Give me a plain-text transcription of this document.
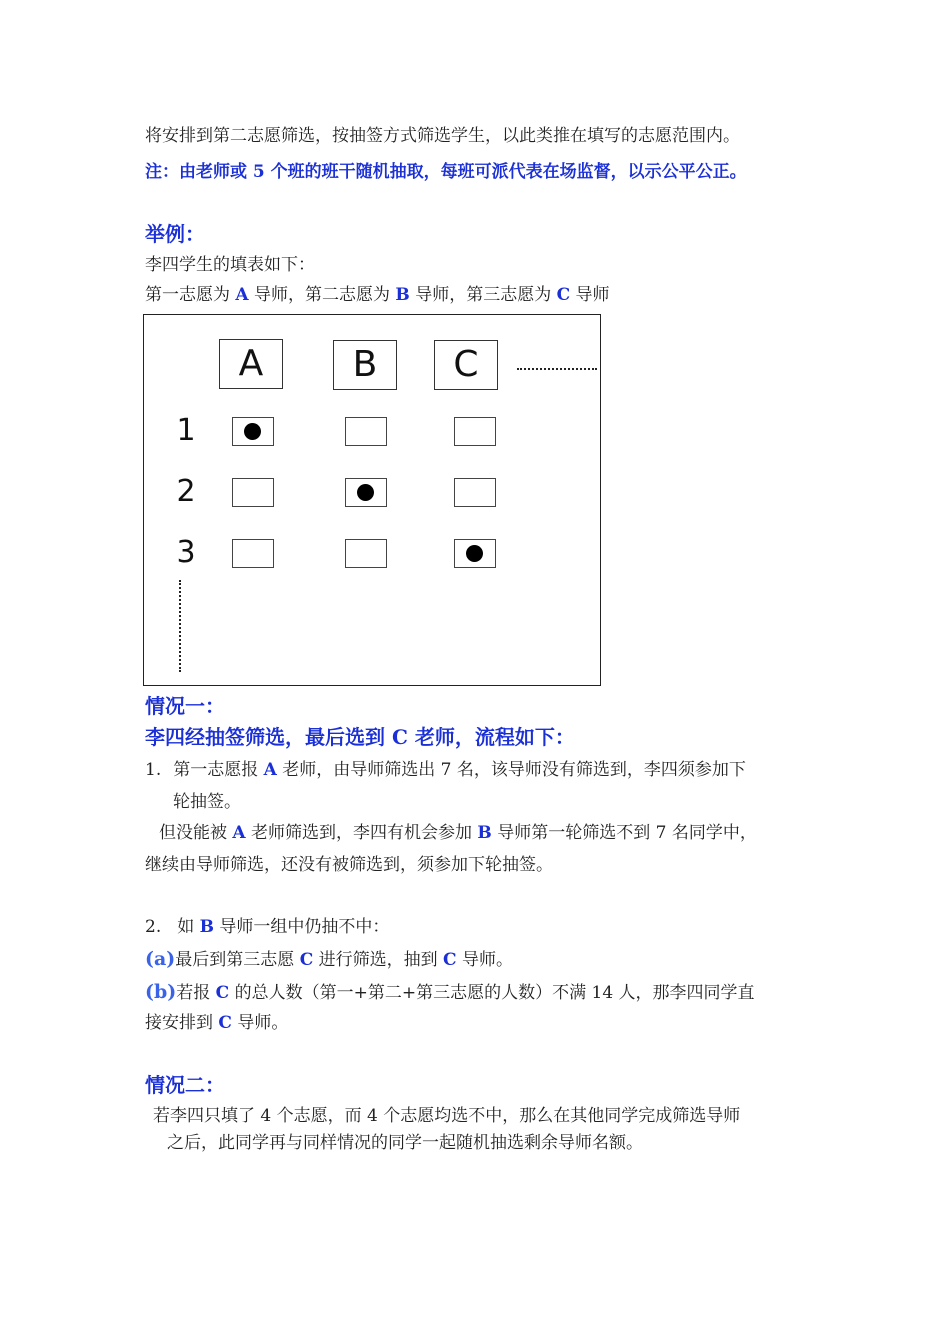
将安排到第二志愿筛选，按抽签方式筛选学生，以此类推在填写的志愿范围内。
注：由老师或 5 个班的班干随机抽取，每班可派代表在场监督，以示公平公正。
举例：
李四学生的填表如下：
第一志愿为 A 导师，第二志愿为 B 导师，第三志愿为 C 导师
A	B	C
1
2
3
情况一：
李四经抽签筛选，最后选到 C 老师，流程如下：
1. 第一志愿报 A 老师，由导师筛选出 7 名，该导师没有筛选到，李四须参加下
轮抽签。
但没能被 A 老师筛选到，李四有机会参加 B 导师第一轮筛选不到 7 名同学中，
继续由导师筛选，还没有被筛选到，须参加下轮抽签。
2. 如 B 导师一组中仍抽不中：
(a)最后到第三志愿 C 进行筛选，抽到 C 导师。
(b)若报 C 的总人数（第一+第二+第三志愿的人数）不满 14 人，那李四同学直
接安排到 C 导师。
情况二：
若李四只填了 4 个志愿，而 4 个志愿均选不中，那么在其他同学完成筛选导师
之后，此同学再与同样情况的同学一起随机抽选剩余导师名额。
